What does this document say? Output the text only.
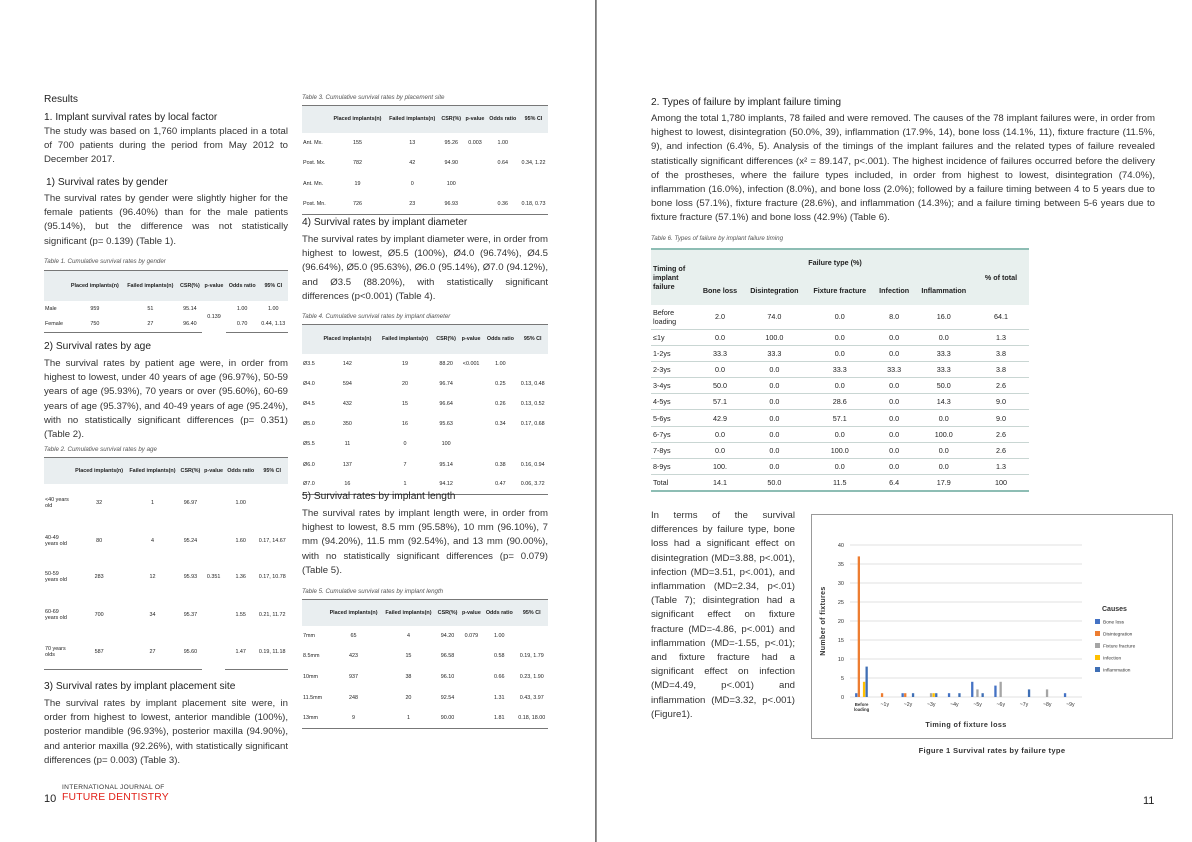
Results
1. Implant survival rates by local factor

The study was based on 1,760 implants placed in a total of 700 patients during the period from May 2012 to December 2017.

1) Survival rates by gender

The survival rates by gender were slightly higher for the female patients (96.40%) than for the male patients (95.14%), but the difference was not statistically significant (p= 0.139) (Table 1).

Table 1. Cumulative survival rates by gender
	Placed implants(n)	Failed implants(n)	CSR(%)	p-value	Odds ratio	95% CI
Male	959	51	95.14	0.139	1.00	1.00
Female	750	27	96.40		0.70	0.44, 1.13
2) Survival rates by age

The survival rates by patient age were, in order from highest to lowest, under 40 years of age (96.97%), 50-59 years of age (95.93%), 70 years or over (95.60%), 60-69 years of age (95.37%), and 40-49 years of age (95.24%), with no statistically significant differences (p= 0.351) (Table 2).

Table 2. Cumulative survival rates by age
	Placed implants(n)	Failed implants(n)	CSR(%)	p-value	Odds ratio	95% CI
<40 years old	32	1	96.97	0.351	1.00	
40-49 years old	80	4	95.24		1.60	0.17, 14.67
50-59 years old	283	12	95.93		1.36	0.17, 10.78
60-69 years old	700	34	95.37		1.55	0.21, 11.72
70 years olds	587	27	95.60		1.47	0.19, 11.18
3) Survival rates by implant placement site

The survival rates by implant placement site were, in order from highest to lowest, anterior mandible (100%), posterior mandible (96.93%), posterior maxilla (94.90%), and anterior maxilla (92.26%), with statistically significant differences (p= 0.003) (Table 3).

Table 3. Cumulative survival rates by placement site
	Placed implants(n)	Failed implants(n)	CSR(%)	p-value	Odds ratio	95% CI
Ant. Mx.	155	13	95.26	0.003	1.00	
Post. Mx.	782	42	94.90		0.64	0.34, 1.22
Ant. Mn.	19	0	100			
Post. Mn.	726	23	96.93		0.36	0.18, 0.73
4) Survival rates by implant diameter

The survival rates by implant diameter were, in order from highest to lowest, Ø5.5 (100%), Ø4.0 (96.74%), Ø4.5 (96.64%), Ø5.0 (95.63%), Ø6.0 (95.14%), Ø7.0 (94.12%), and Ø3.5 (88.20%), with statistically significant differences (p<0.001) (Table 4).

Table 4. Cumulative survival rates by implant diameter
	Placed implants(n)	Failed implants(n)	CSR(%)	p-value	Odds ratio	95% CI
Ø3.5	142	19	88.20	<0.001	1.00	
Ø4.0	594	20	96.74		0.25	0.13, 0.48
Ø4.5	432	15	96.64		0.26	0.13, 0.52
Ø5.0	350	16	95.63		0.34	0.17, 0.68
Ø5.5	11	0	100			
Ø6.0	137	7	95.14		0.38	0.16, 0.94
Ø7.0	16	1	94.12		0.47	0.06, 3.72
5) Survival rates by implant length

The survival rates by implant length were, in order from highest to lowest, 8.5 mm (95.58%), 10 mm (96.10%), 7 mm (94.20%), 11.5 mm (92.54%), and 13 mm (90.00%), with no statistically significant differences (p= 0.079) (Table 5).

Table 5. Cumulative survival rates by implant length
	Placed implants(n)	Failed implants(n)	CSR(%)	p-value	Odds ratio	95% CI
7mm	65	4	94.20	0.079	1.00	
8.5mm	423	15	96.58		0.58	0.19, 1.79
10mm	937	38	96.10		0.66	0.23, 1.90
11.5mm	248	20	92.54		1.31	0.43, 3.97
13mm	9	1	90.00		1.81	0.18, 18.00
10
INTERNATIONAL JOURNAL OF
FUTURE DENTISTRY
2. Types of failure by implant failure timing

Among the total 1,780 implants, 78 failed and were removed. The causes of the 78 implant failures were, in order from highest to lowest, disintegration (50.0%, 39), inflammation (17.9%, 14), bone loss (14.1%, 11), fixture fracture (11.5%, 9), and infection (6.4%, 5). Analysis of the timings of the implant failures and the related types of failure revealed statistically significant differences (x² = 89.147, p<.001). The highest incidence of failures occurred before the delivery of the prostheses, where the failure types included, in order from highest to lowest, disintegration (74.0%), inflammation (16.0%), infection (8.0%), and bone loss (2.0%); followed by a failure timing between 4 to 5 years due to bone loss (57.1%), fixture fracture (28.6%), and inflammation (14.3%); and a failure timing between 5-6 years due to fixture fracture (57.1%) and bone loss (42.9%) (Table 6).

Table 6. Types of failure by implant failure timing
Timing of implant failure	Failure type (%)					% of total
	Bone loss	Disintegration	Fixture fracture	Infection	Inflammation	
Before loading	2.0	74.0	0.0	8.0	16.0	64.1
≤1y	0.0	100.0	0.0	0.0	0.0	1.3
1-2ys	33.3	33.3	0.0	0.0	33.3	3.8
2-3ys	0.0	0.0	33.3	33.3	33.3	3.8
3-4ys	50.0	0.0	0.0	0.0	50.0	2.6
4-5ys	57.1	0.0	28.6	0.0	14.3	9.0
5-6ys	42.9	0.0	57.1	0.0	0.0	9.0
6-7ys	0.0	0.0	0.0	0.0	100.0	2.6
7-8ys	0.0	0.0	100.0	0.0	0.0	2.6
8-9ys	100.	0.0	0.0	0.0	0.0	1.3
Total	14.1	50.0	11.5	6.4	17.9	100

In terms of the survival differences by failure type, bone loss had a significant effect on disintegration (MD=3.88, p<.001), infection (MD=3.51, p<.001), and inflammation (MD=2.34, p<.01) (Table 7); disintegration had a significant effect on fixture fracture (MD=-4.86, p<.001) and inflammation (MD=-1.55, p<.01); and fixture fracture had a significant effect on infection (MD=4.49, p<.001) and inflammation (MD=3.32, p<.001) (Figure1).

0
5
10
15
20
25
30
35
40
Before
loading
~1y	~2y	~3y	~4y	~5y	~6y	~7y	~8y	~9y
Timing of fixture loss
Number of fixtures	Causes
Bone loss
Disintegration
Fixture fracture
Infection
Inflammation
Figure 1 Survival rates by failure type
11
